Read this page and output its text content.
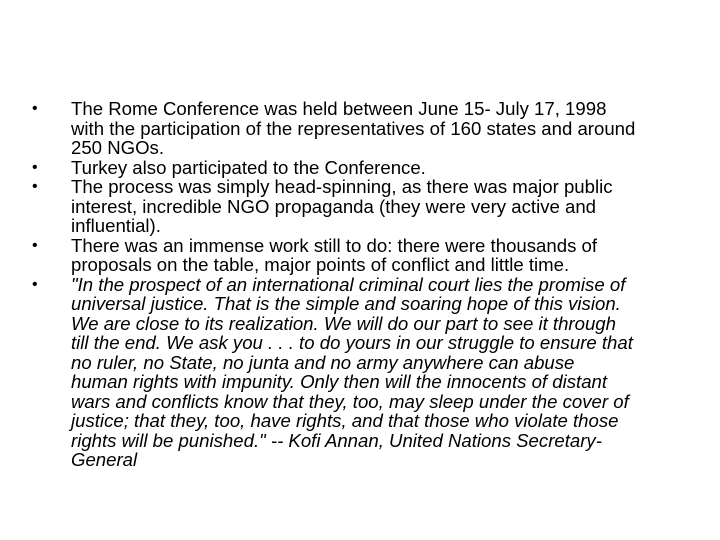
•	The Rome Conference was held between June 15- July 17, 1998
with the participation of the representatives of 160 states and around
250 NGOs.
•	Turkey also participated to the Conference.
•	The process was simply head-spinning, as there was major public
interest, incredible NGO propaganda (they were very active and
influential).
•	There was an immense work still to do: there were thousands of
proposals on the table, major points of conflict and little time.
•	"In the prospect of an international criminal court lies the promise of
universal justice. That is the simple and soaring hope of this vision.
We are close to its realization. We will do our part to see it through
till the end. We ask you . . . to do yours in our struggle to ensure that
no ruler, no State, no junta and no army anywhere can abuse
human rights with impunity. Only then will the innocents of distant
wars and conflicts know that they, too, may sleep under the cover of
justice; that they, too, have rights, and that those who violate those
rights will be punished." -- Kofi Annan, United Nations Secretary-
General
